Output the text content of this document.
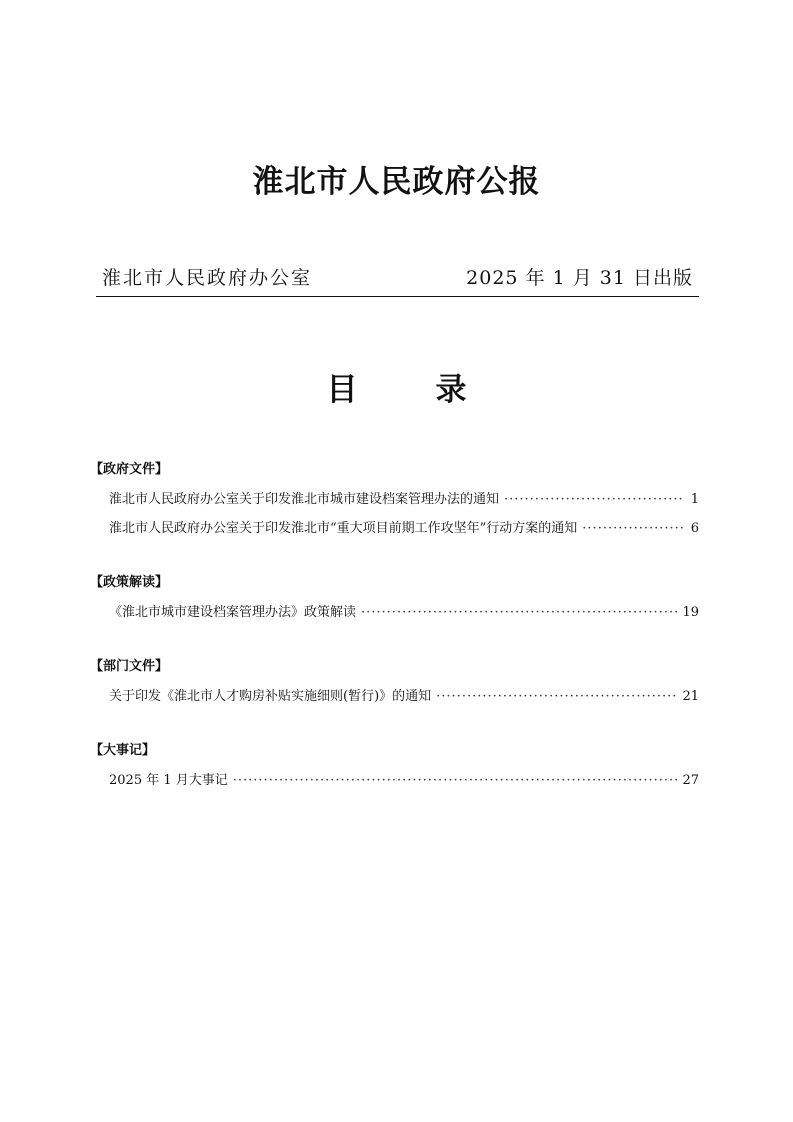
淮北市人民政府公报
淮北市人民政府办公室	2025 年 1 月 31 日出版
目	录
【政府文件】
淮北市人民政府办公室关于印发淮北市城市建设档案管理办法的通知 ·····	1
淮北市人民政府办公室关于印发淮北市“重大项目前期工作攻坚年”行动方案的通知 ·····	6
【政策解读】
《淮北市城市建设档案管理办法》政策解读 ·····	19
【部门文件】
关于印发《淮北市人才购房补贴实施细则(暂行)》的通知 ·····	21
【大事记】
2025 年 1 月大事记 ·····	27
